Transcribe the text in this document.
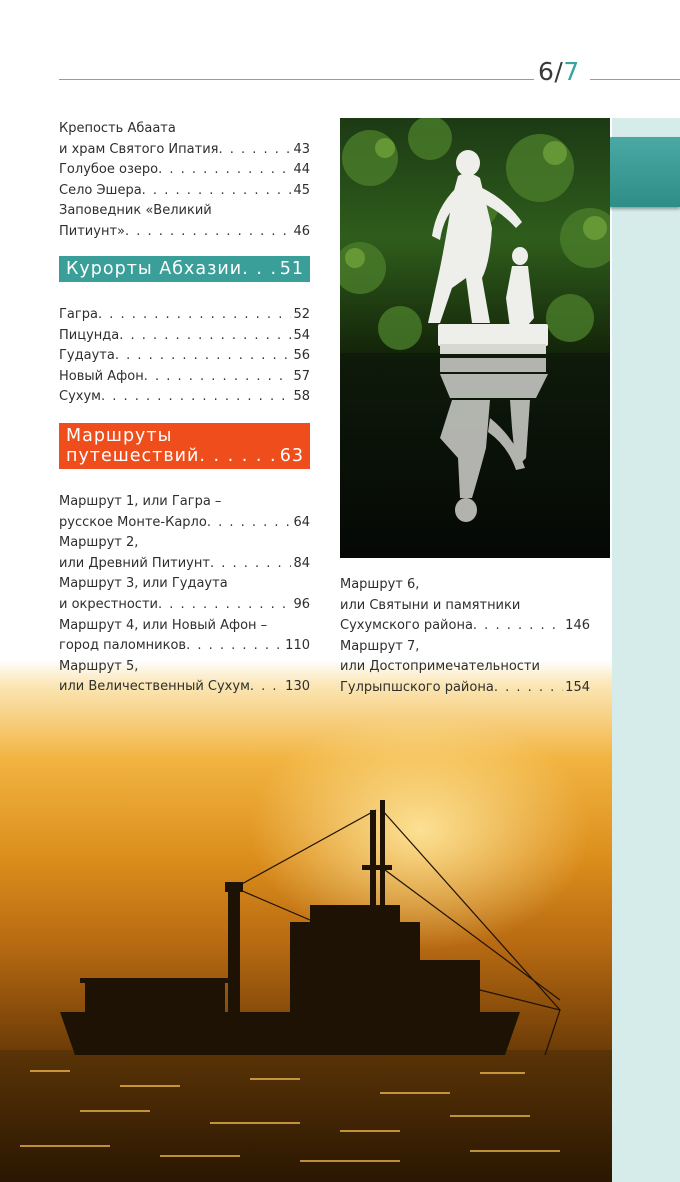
6/7
Крепость Абаата
и храм Святого Ипатия . . .	43
Голубое озеро . . .	44
Село Эшера . . .	45
Заповедник «Великий
Питиунт» . . .	46
Курорты Абхазии . . . 51
Гагра . . .	52
Пицунда . . .	54
Гудаута . . .	56
Новый Афон . . .	57
Сухум . . .	58
Маршруты
путешествий . . .	63
Маршрут 1, или Гагра –
русское Монте-Карло . . .	64
Маршрут 2,
или Древний Питиунт . . .	84
Маршрут 3, или Гудаута
и окрестности . . .	96
Маршрут 4, или Новый Афон –
город паломников . . .	110
Маршрут 5,
или Величественный Сухум . . .	130
Маршрут 6,
или Святыни и памятники
Сухумского района . . .	146
Маршрут 7,
или Достопримечательности
Гулрыпшского района . . .	154
